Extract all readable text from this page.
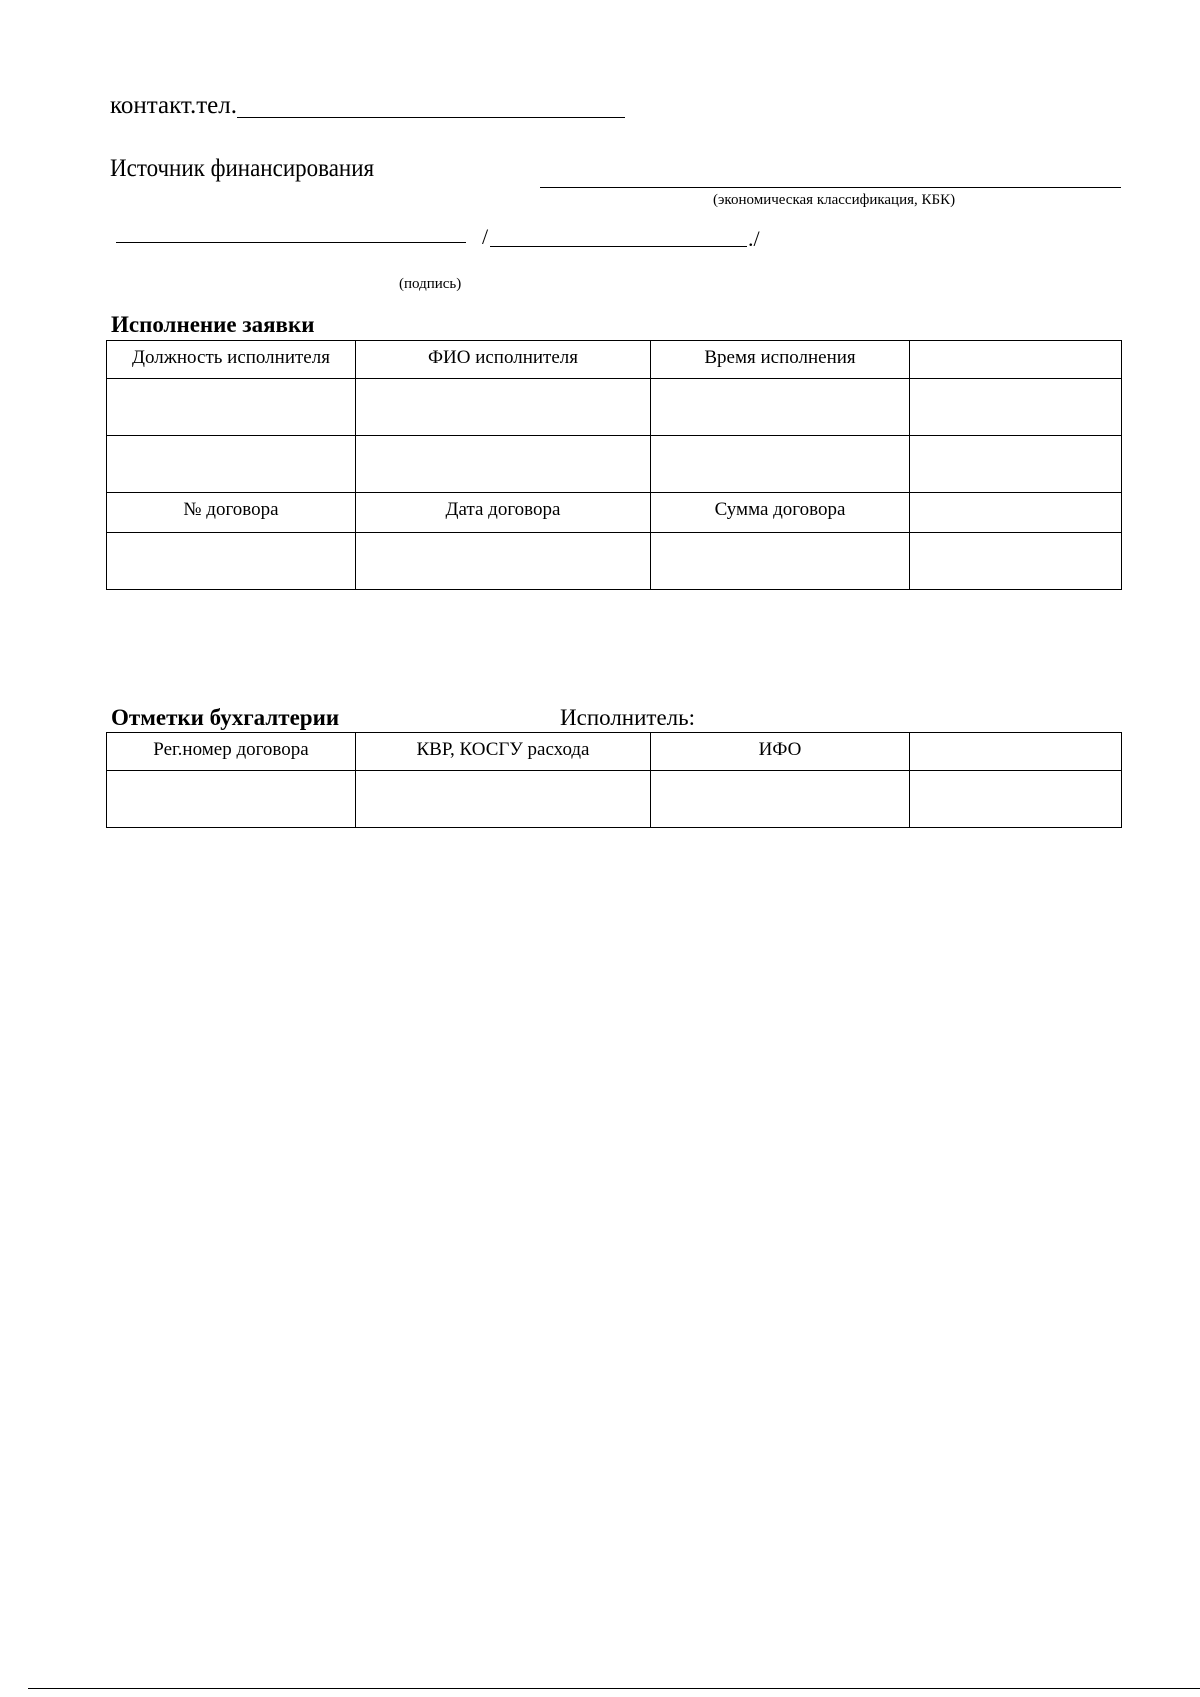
контакт.тел.
Источник финансирования
(экономическая классификация, КБК)
/	./
(подпись)
Исполнение заявки
Должность исполнителя	ФИО исполнителя	Время исполнения	

№ договора	Дата договора	Сумма договора	

Отметки бухгалтерии	Исполнитель:
Рег.номер договора	КВР, КОСГУ расхода	ИФО	
